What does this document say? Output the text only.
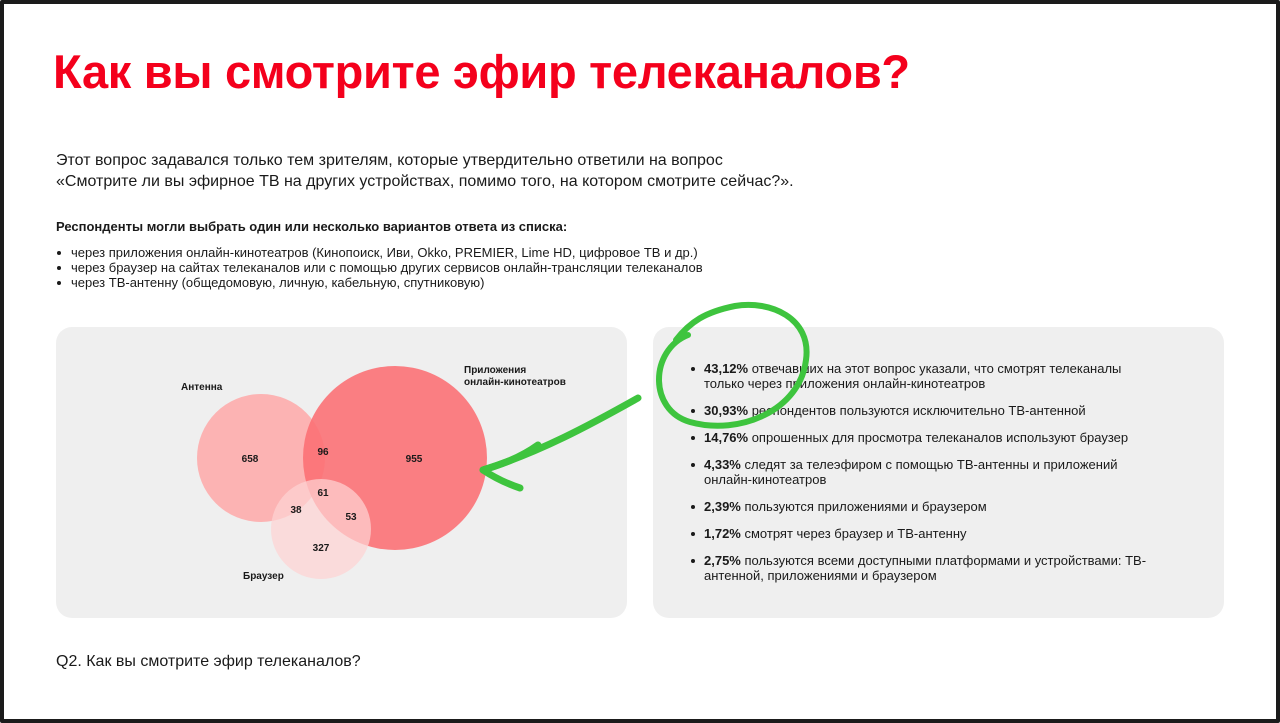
Как вы смотрите эфир телеканалов?
Этот вопрос задавался только тем зрителям, которые утвердительно ответили на вопрос
«Смотрите ли вы эфирное ТВ на других устройствах, помимо того, на котором смотрите сейчас?».
Респонденты могли выбрать один или несколько вариантов ответа из списка:
через приложения онлайн-кинотеатров (Кинопоиск, Иви, Okko, PREMIER, Lime HD, цифровое ТВ и др.)
через браузер на сайтах телеканалов или с помощью других сервисов онлайн-трансляции телеканалов
через ТВ-антенну (общедомовую, личную, кабельную, спутниковую)
Антенна
Приложения
онлайн-кинотеатров
Браузер
658
96
955
61
38
53
327
43,12% отвечавших на этот вопрос указали, что смотрят телеканалы только через приложения онлайн-кинотеатров
30,93% респондентов пользуются исключительно ТВ-антенной
14,76% опрошенных для просмотра телеканалов используют браузер
4,33% следят за телеэфиром с помощью ТВ-антенны и приложений онлайн-кинотеатров
2,39% пользуются приложениями и браузером
1,72% смотрят через браузер и ТВ-антенну
2,75% пользуются всеми доступными платформами и устройствами: ТВ-антенной, приложениями и браузером
Q2. Как вы смотрите эфир телеканалов?
